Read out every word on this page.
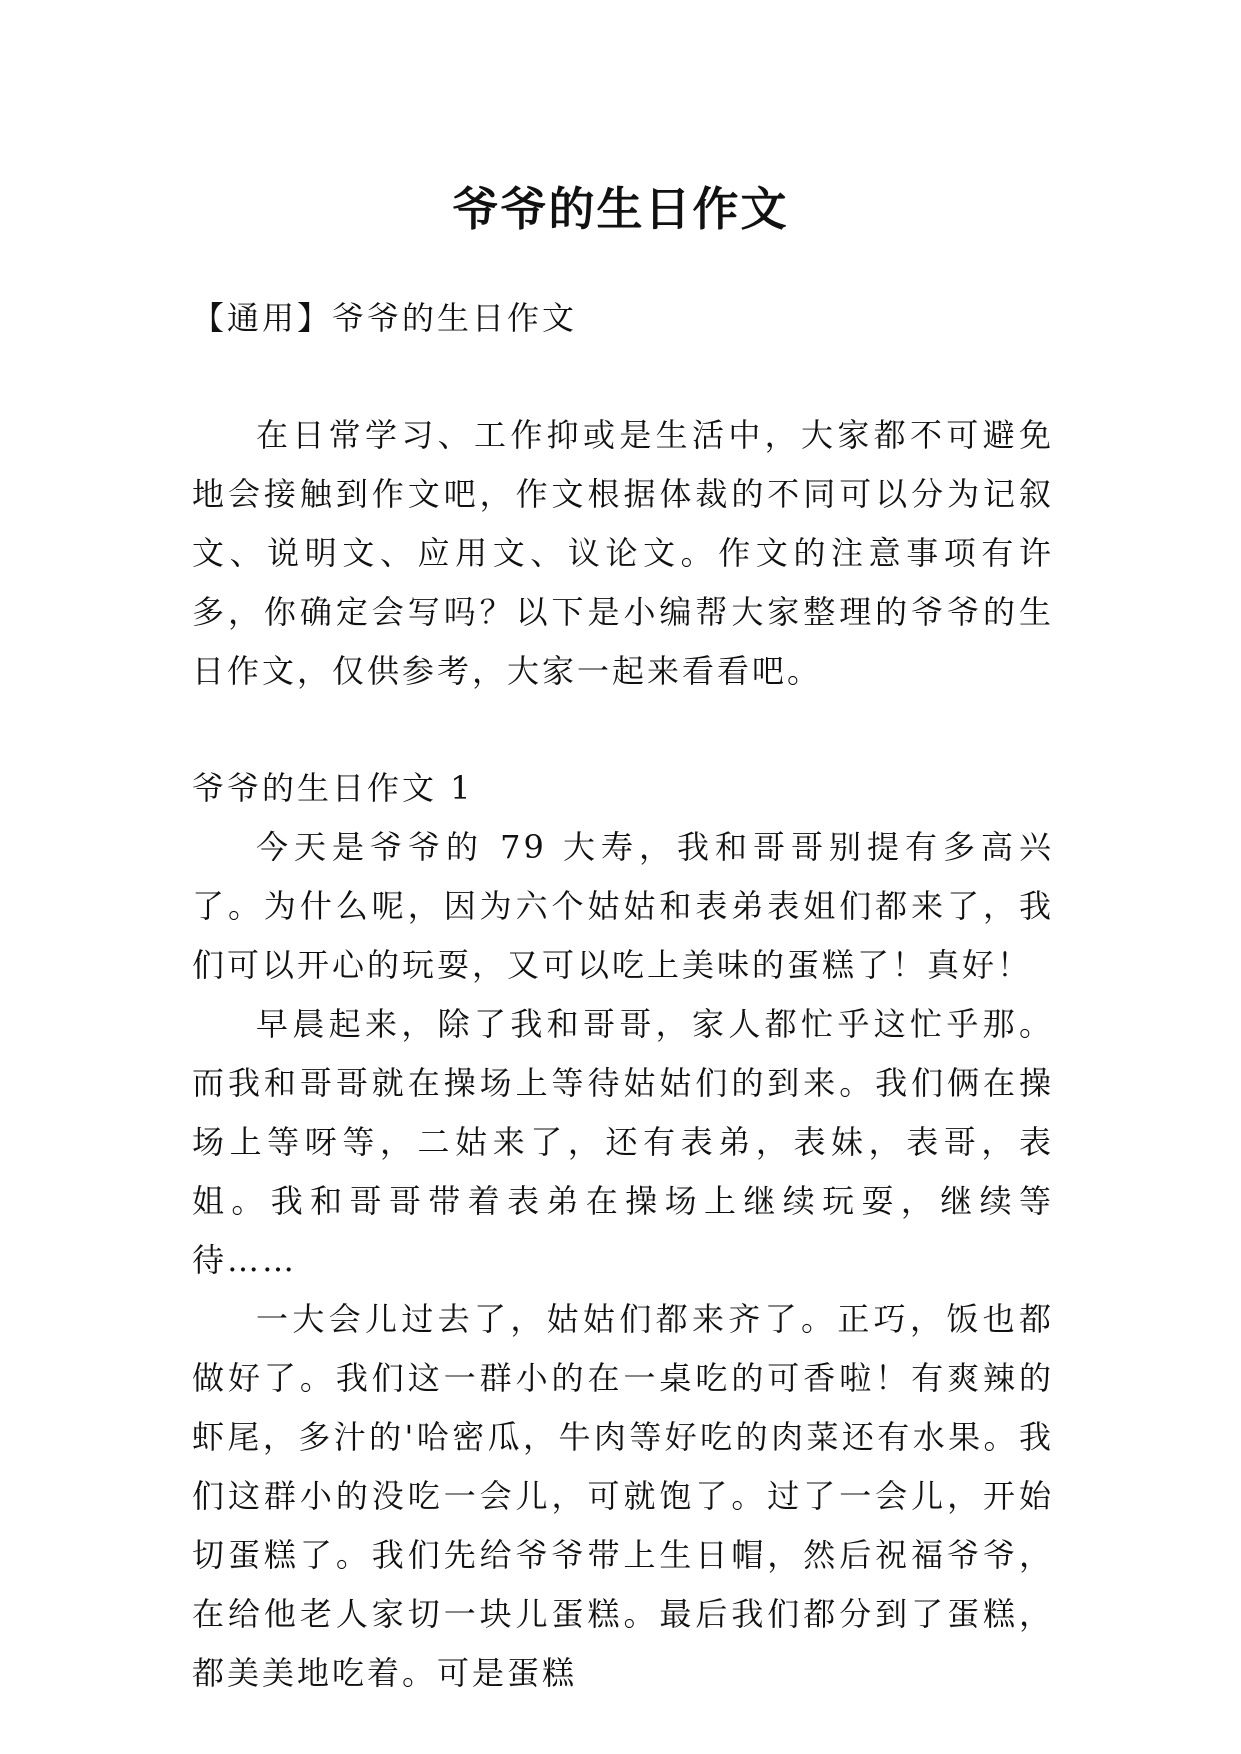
爷爷的生日作文

【通用】爷爷的生日作文

在日常学习、工作抑或是生活中，大家都不可避免地会接触到作文吧，作文根据体裁的不同可以分为记叙文、说明文、应用文、议论文。作文的注意事项有许多，你确定会写吗？以下是小编帮大家整理的爷爷的生日作文，仅供参考，大家一起来看看吧。

爷爷的生日作文 1

今天是爷爷的 79 大寿，我和哥哥别提有多高兴了。为什么呢，因为六个姑姑和表弟表姐们都来了，我们可以开心的玩耍，又可以吃上美味的蛋糕了！真好！

早晨起来，除了我和哥哥，家人都忙乎这忙乎那。而我和哥哥就在操场上等待姑姑们的到来。我们俩在操场上等呀等，二姑来了，还有表弟，表妹，表哥，表姐。我和哥哥带着表弟在操场上继续玩耍，继续等待……

一大会儿过去了，姑姑们都来齐了。正巧，饭也都做好了。我们这一群小的在一桌吃的可香啦！有爽辣的虾尾，多汁的'哈密瓜，牛肉等好吃的肉菜还有水果。我们这群小的没吃一会儿，可就饱了。过了一会儿，开始切蛋糕了。我们先给爷爷带上生日帽，然后祝福爷爷，在给他老人家切一块儿蛋糕。最后我们都分到了蛋糕，都美美地吃着。可是蛋糕
